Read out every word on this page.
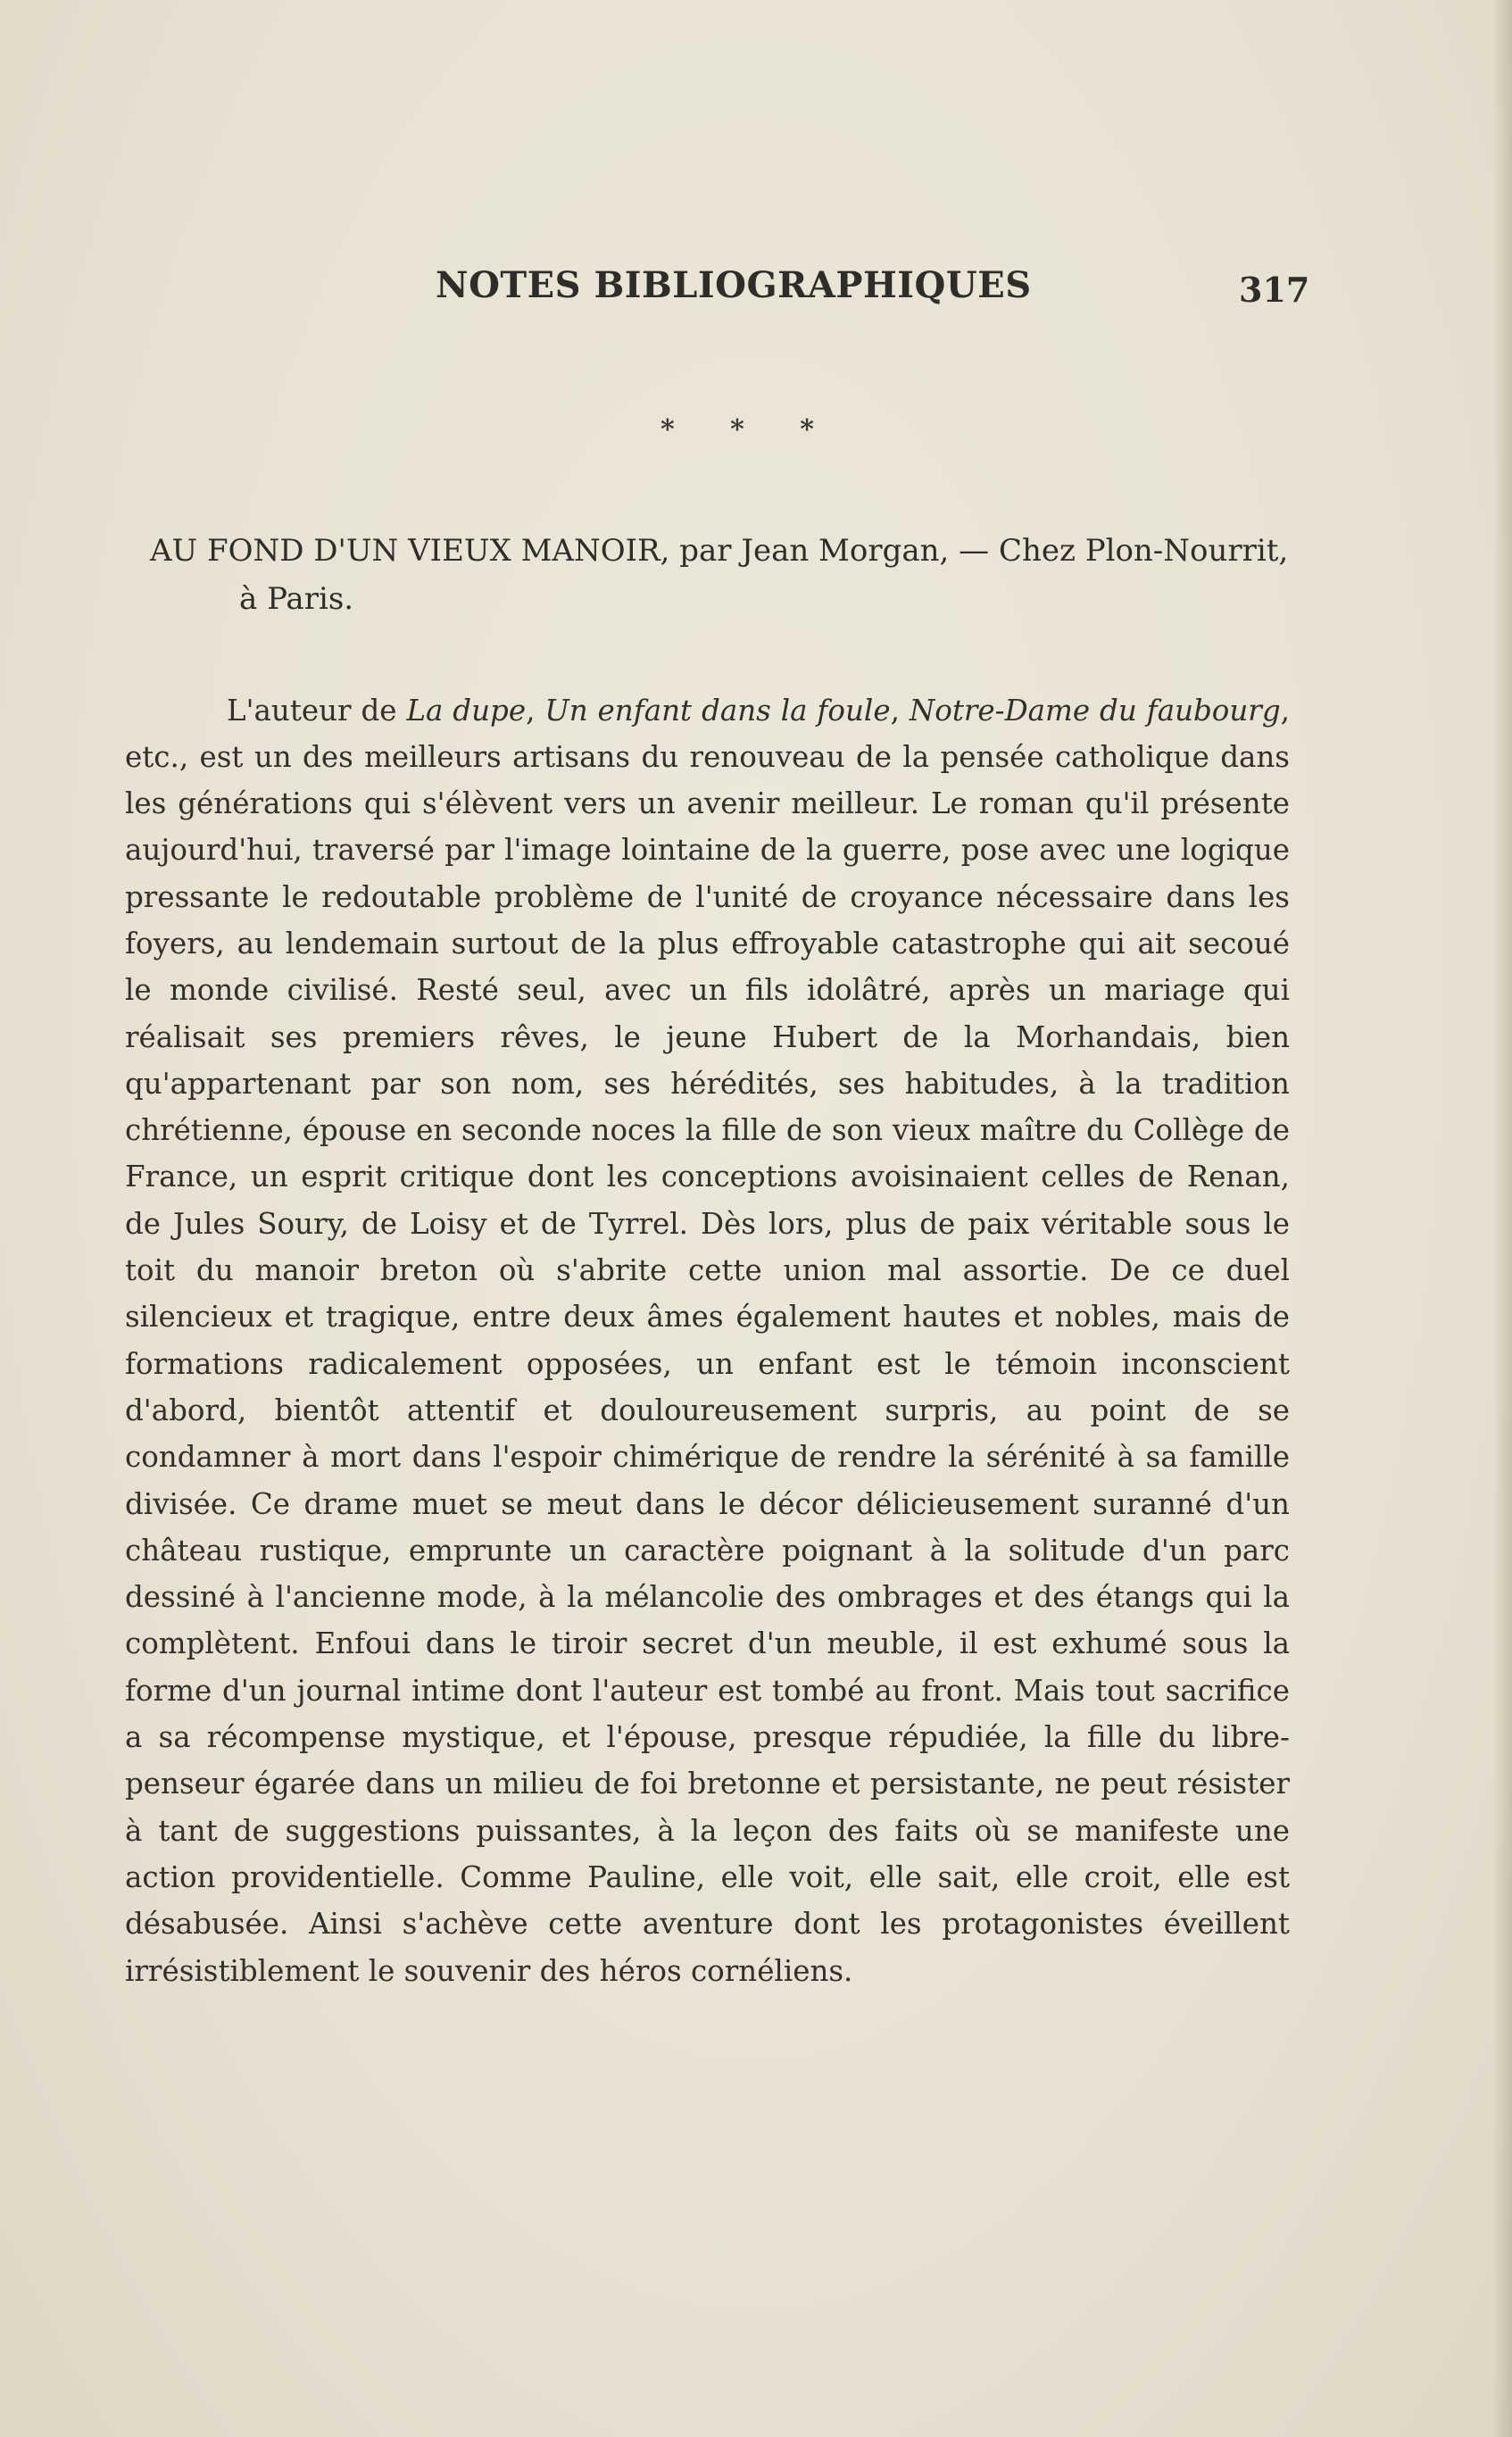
NOTES BIBLIOGRAPHIQUES	317
* * *
AU FOND D'UN VIEUX MANOIR, par Jean Morgan, — Chez Plon-Nourrit,
à Paris.

L'auteur de La dupe, Un enfant dans la foule, Notre-Dame du faubourg, etc., est un des meilleurs artisans du renouveau de la pensée catholique dans les générations qui s'élèvent vers un avenir meilleur. Le roman qu'il présente aujourd'hui, traversé par l'image lointaine de la guerre, pose avec une logique pressante le redoutable problème de l'unité de croyance nécessaire dans les foyers, au lendemain surtout de la plus effroyable catastrophe qui ait secoué le monde civilisé. Resté seul, avec un fils idolâtré, après un mariage qui réalisait ses premiers rêves, le jeune Hubert de la Morhandais, bien qu'appartenant par son nom, ses hérédités, ses habitudes, à la tradition chrétienne, épouse en seconde noces la fille de son vieux maître du Collège de France, un esprit critique dont les conceptions avoisinaient celles de Renan, de Jules Soury, de Loisy et de Tyrrel. Dès lors, plus de paix véritable sous le toit du manoir breton où s'abrite cette union mal assortie. De ce duel silencieux et tragique, entre deux âmes également hautes et nobles, mais de formations radicalement opposées, un enfant est le témoin inconscient d'abord, bientôt attentif et douloureusement surpris, au point de se condamner à mort dans l'espoir chimérique de rendre la sérénité à sa famille divisée. Ce drame muet se meut dans le décor délicieusement suranné d'un château rustique, emprunte un caractère poignant à la solitude d'un parc dessiné à l'ancienne mode, à la mélancolie des ombrages et des étangs qui la complètent. Enfoui dans le tiroir secret d'un meuble, il est exhumé sous la forme d'un journal intime dont l'auteur est tombé au front. Mais tout sacrifice a sa récompense mystique, et l'épouse, presque répudiée, la fille du libre-penseur égarée dans un milieu de foi bretonne et persistante, ne peut résister à tant de suggestions puissantes, à la leçon des faits où se manifeste une action providentielle. Comme Pauline, elle voit, elle sait, elle croit, elle est désabusée. Ainsi s'achève cette aventure dont les protagonistes éveillent irrésistiblement le souvenir des héros cornéliens.
